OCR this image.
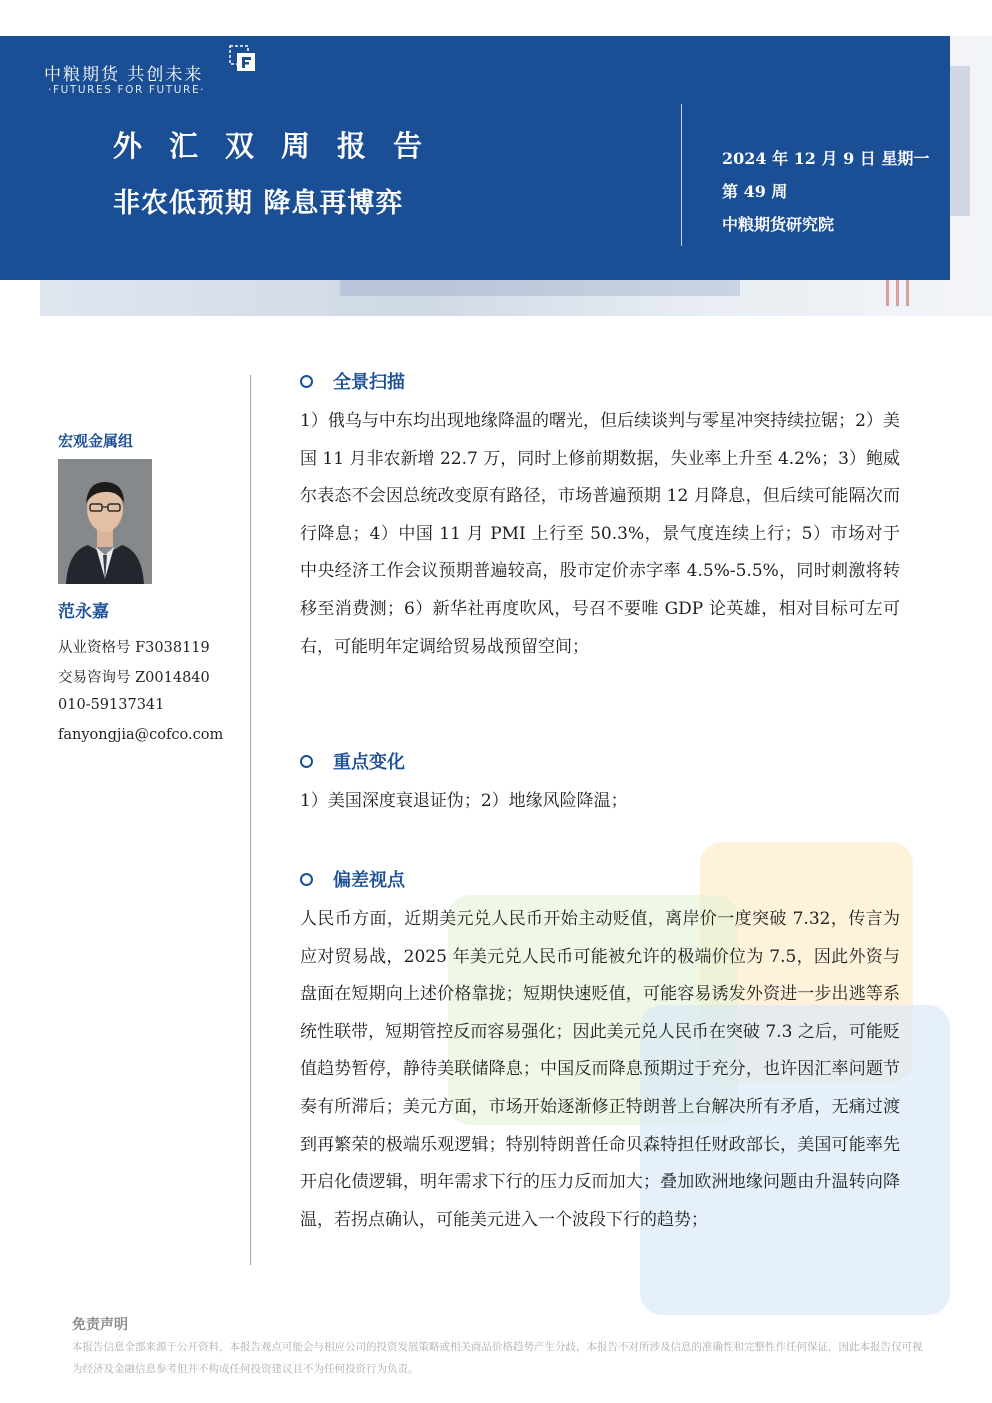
中粮期货 共创未来
·FUTURES FOR FUTURE·
外汇双周报告
非农低预期 降息再博弈
2024 年 12 月 9 日 星期一
第 49 周
中粮期货研究院
宏观金属组
范永嘉
从业资格号 F3038119
交易咨询号 Z0014840
010-59137341
fanyongjia@cofco.com
全景扫描
1）俄乌与中东均出现地缘降温的曙光，但后续谈判与零星冲突持续拉锯；2）美国 11 月非农新增 22.7 万，同时上修前期数据，失业率上升至 4.2%；3）鲍威尔表态不会因总统改变原有路径，市场普遍预期 12 月降息，但后续可能隔次而行降息；4）中国 11 月 PMI 上行至 50.3%，景气度连续上行；5）市场对于中央经济工作会议预期普遍较高，股市定价赤字率 4.5%-5.5%，同时刺激将转移至消费测；6）新华社再度吹风，号召不要唯 GDP 论英雄，相对目标可左可右，可能明年定调给贸易战预留空间；
重点变化
1）美国深度衰退证伪；2）地缘风险降温；
偏差视点
人民币方面，近期美元兑人民币开始主动贬值，离岸价一度突破 7.32，传言为应对贸易战，2025 年美元兑人民币可能被允许的极端价位为 7.5，因此外资与盘面在短期向上述价格靠拢；短期快速贬值，可能容易诱发外资进一步出逃等系统性联带，短期管控反而容易强化；因此美元兑人民币在突破 7.3 之后，可能贬值趋势暂停，静待美联储降息；中国反而降息预期过于充分，也许因汇率问题节奏有所滞后；美元方面，市场开始逐渐修正特朗普上台解决所有矛盾，无痛过渡到再繁荣的极端乐观逻辑；特别特朗普任命贝森特担任财政部长，美国可能率先开启化债逻辑，明年需求下行的压力反而加大；叠加欧洲地缘问题由升温转向降温，若拐点确认，可能美元进入一个波段下行的趋势；
免责声明
本报告信息全部来源于公开资料，本报告观点可能会与相应公司的投资发展策略或相关商品价格趋势产生分歧，本报告不对所涉及信息的准确性和完整性作任何保证，因此本报告仅可视为经济及金融信息参考但并不构成任何投资建议且不为任何投资行为负责。
